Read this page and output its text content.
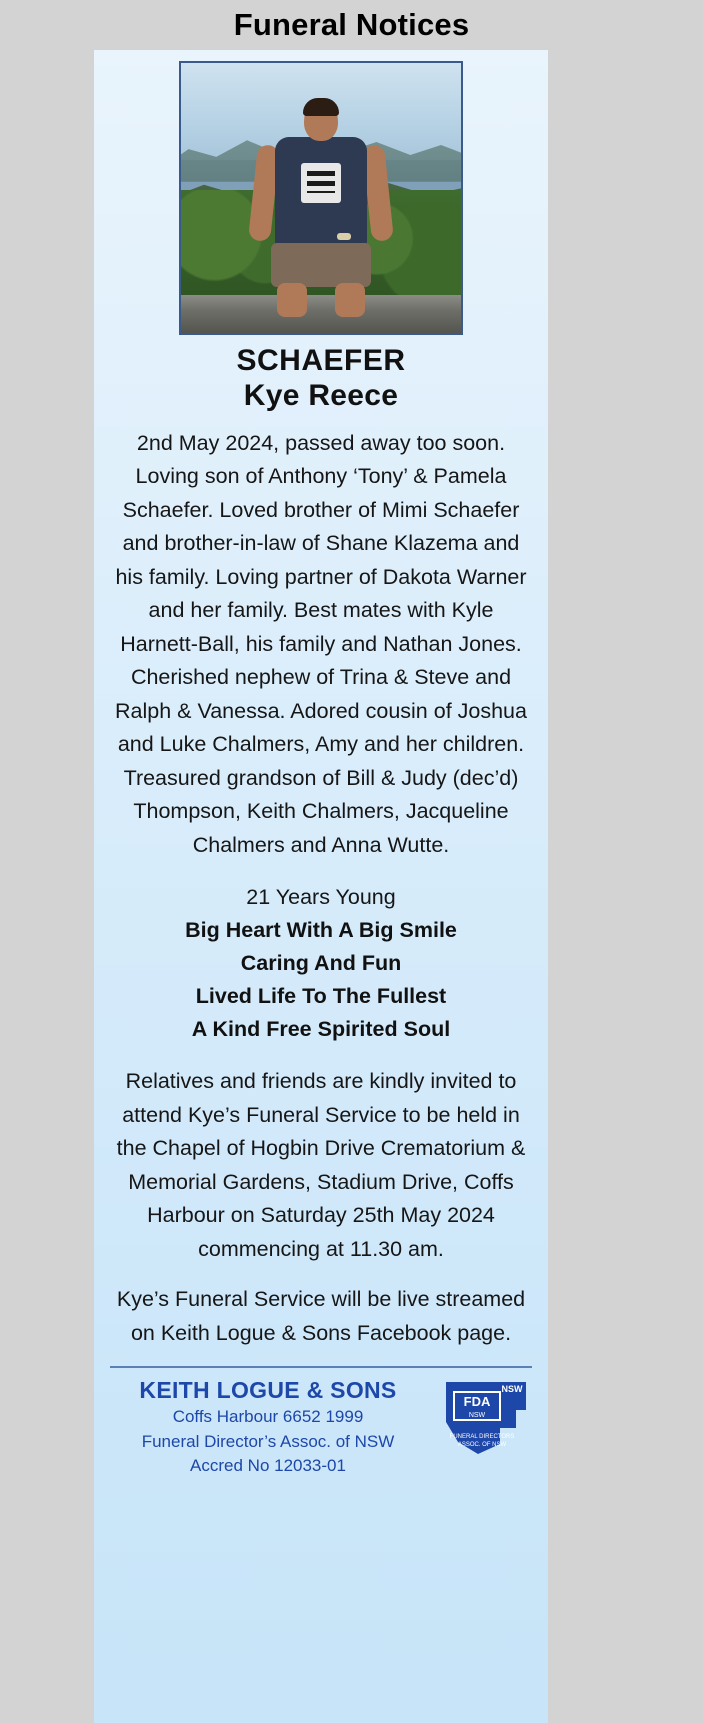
Funeral Notices
SCHAEFER
Kye Reece

2nd May 2024, passed away too soon. Loving son of Anthony ‘Tony’ & Pamela Schaefer. Loved brother of Mimi Schaefer and brother-in-law of Shane Klazema and his family. Loving partner of Dakota Warner and her family. Best mates with Kyle Harnett-Ball, his family and Nathan Jones. Cherished nephew of Trina & Steve and Ralph & Vanessa. Adored cousin of Joshua and Luke Chalmers, Amy and her children. Treasured grandson of Bill & Judy (dec’d) Thompson, Keith Chalmers, Jacqueline Chalmers and Anna Wutte.

21 Years Young
Big Heart With A Big Smile
Caring And Fun
Lived Life To The Fullest
A Kind Free Spirited Soul

Relatives and friends are kindly invited to attend Kye’s Funeral Service to be held in the Chapel of Hogbin Drive Crematorium & Memorial Gardens, Stadium Drive, Coffs Harbour on Saturday 25th May 2024 commencing at 11.30 am.

Kye’s Funeral Service will be live streamed on Keith Logue & Sons Facebook page.

KEITH LOGUE & SONS
Coffs Harbour 6652 1999
Funeral Director’s Assoc. of NSW
Accred No 12033-01
FDA
NSW
NSW
FUNERAL DIRECTORS
ASSOC. OF NSW
